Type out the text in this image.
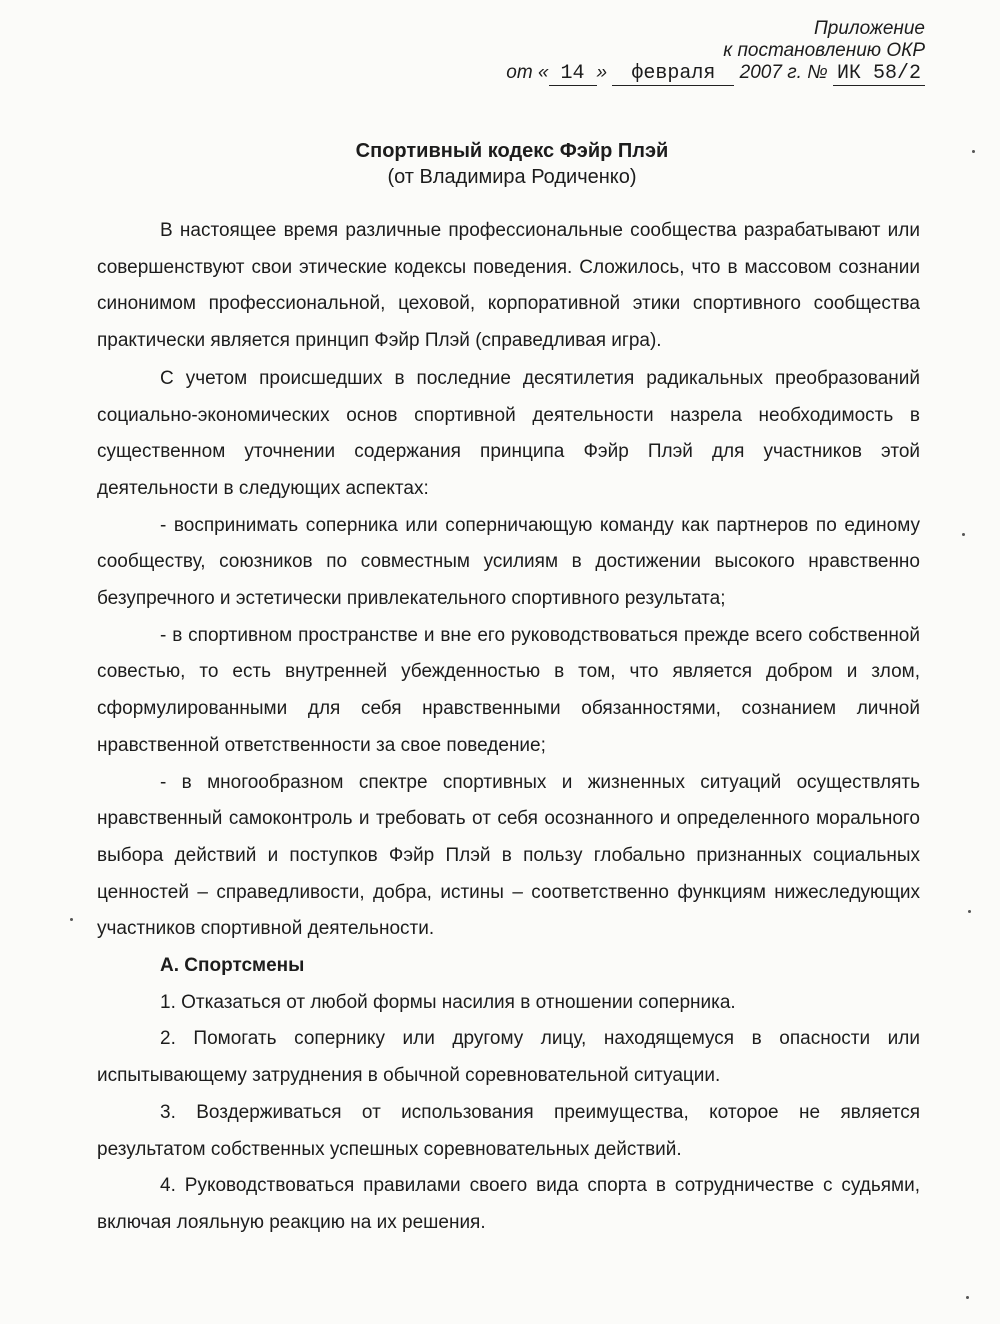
Приложение
к постановлению ОКР
от « 14 » февраля 2007 г. № ИК 58/2
Спортивный кодекс Фэйр Плэй
(от Владимира Родиченко)

В настоящее время различные профессиональные сообщества разрабатывают или совершенствуют свои этические кодексы поведения. Сложилось, что в массовом сознании синонимом профессиональной, цеховой, корпоративной этики спортивного сообщества практически является принцип Фэйр Плэй (справедливая игра).

С учетом происшедших в последние десятилетия радикальных преобразований социально-экономических основ спортивной деятельности назрела необходимость в существенном уточнении содержания принципа Фэйр Плэй для участников этой деятельности в следующих аспектах:

- воспринимать соперника или соперничающую команду как партнеров по единому сообществу, союзников по совместным усилиям в достижении высокого нравственно безупречного и эстетически привлекательного спортивного результата;

- в спортивном пространстве и вне его руководствоваться прежде всего собственной совестью, то есть внутренней убежденностью в том, что является добром и злом, сформулированными для себя нравственными обязанностями, сознанием личной нравственной ответственности за свое поведение;

- в многообразном спектре спортивных и жизненных ситуаций осуществлять нравственный самоконтроль и требовать от себя осознанного и определенного морального выбора действий и поступков Фэйр Плэй в пользу глобально признанных социальных ценностей – справедливости, добра, истины – соответственно функциям нижеследующих участников спортивной деятельности.

А. Спортсмены

1. Отказаться от любой формы насилия в отношении соперника.

2. Помогать сопернику или другому лицу, находящемуся в опасности или испытывающему затруднения в обычной соревновательной ситуации.

3. Воздерживаться от использования преимущества, которое не является результатом собственных успешных соревновательных действий.

4. Руководствоваться правилами своего вида спорта в сотрудничестве с судьями, включая лояльную реакцию на их решения.
